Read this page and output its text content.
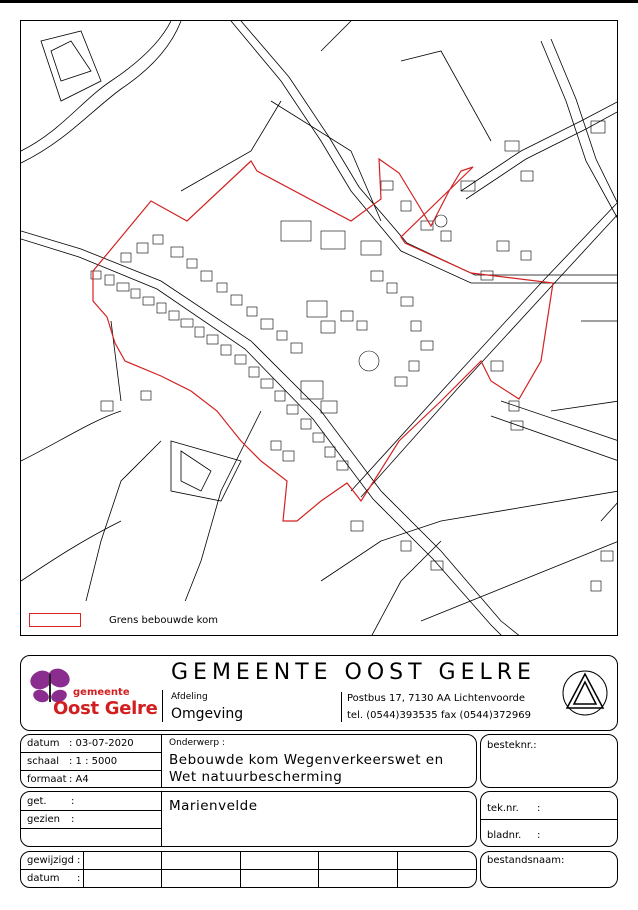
Grens bebouwde kom
gemeente
Oost Gelre
GEMEENTE OOST GELRE
Afdeling
Omgeving
Postbus 17, 7130 AA Lichtenvoorde
tel. (0544)393535 fax (0544)372969
datum : 03-07-2020
schaal : 1 : 5000
formaat : A4
Onderwerp :
Bebouwde kom Wegenverkeerswet en
Wet natuurbescherming
besteknr.:
get. :
gezien :
Marienvelde	tek.nr. :
bladnr. :
gewijzigd :
datum :
bestandsnaam:
